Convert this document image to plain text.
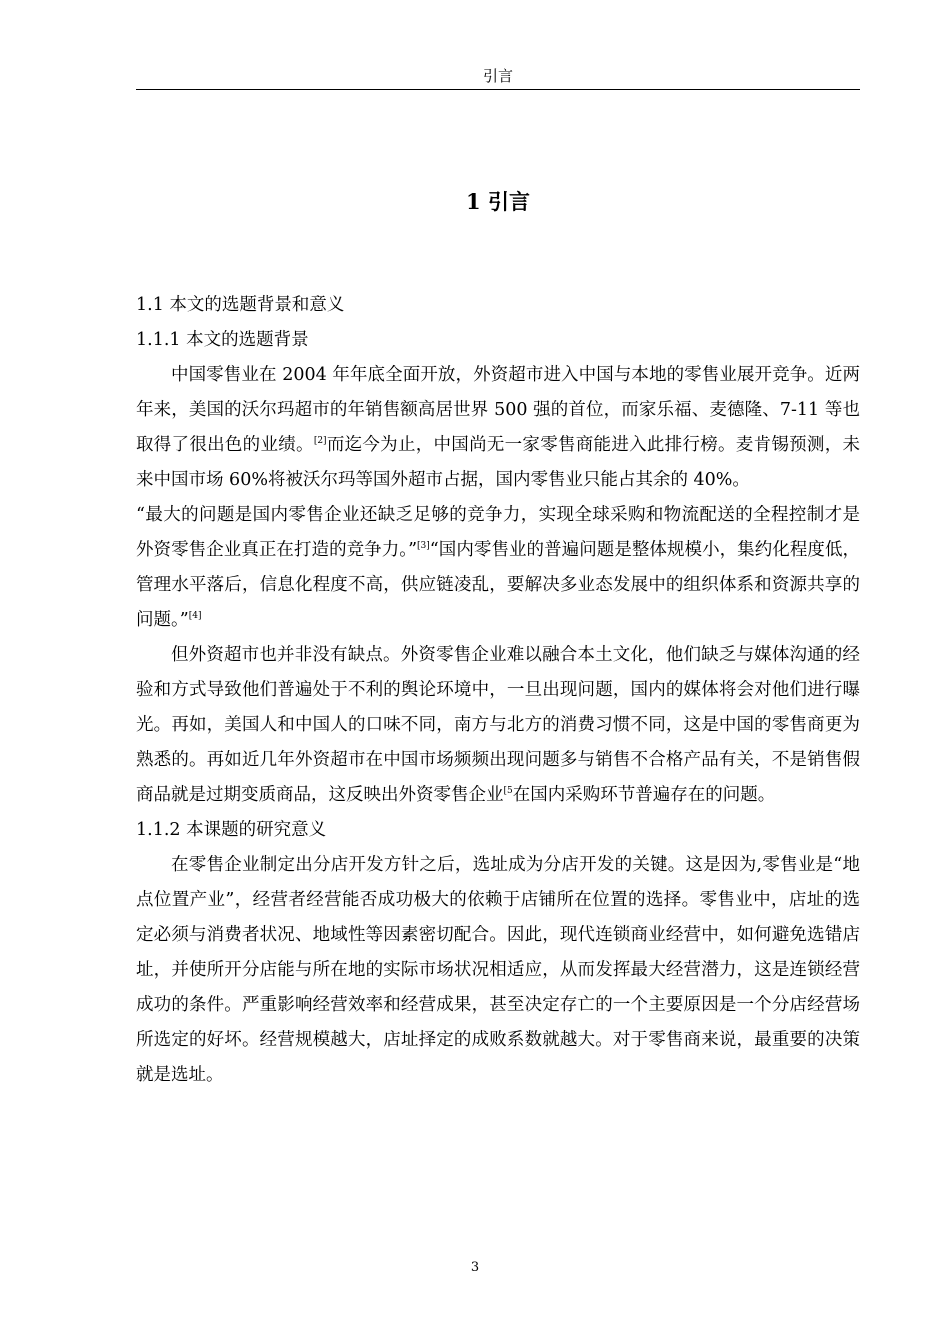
引言
1 引言

1.1 本文的选题背景和意义

1.1.1 本文的选题背景

中国零售业在 2004 年年底全面开放，外资超市进入中国与本地的零售业展开竞争。近两年来，美国的沃尔玛超市的年销售额高居世界 500 强的首位，而家乐福、麦德隆、7-11 等也取得了很出色的业绩。[2]而迄今为止，中国尚无一家零售商能进入此排行榜。麦肯锡预测，未来中国市场 60%将被沃尔玛等国外超市占据，国内零售业只能占其余的 40%。

“最大的问题是国内零售企业还缺乏足够的竞争力，实现全球采购和物流配送的全程控制才是外资零售企业真正在打造的竞争力。”[3]“国内零售业的普遍问题是整体规模小，集约化程度低，管理水平落后，信息化程度不高，供应链凌乱，要解决多业态发展中的组织体系和资源共享的问题。”[4]

但外资超市也并非没有缺点。外资零售企业难以融合本土文化，他们缺乏与媒体沟通的经验和方式导致他们普遍处于不利的舆论环境中，一旦出现问题，国内的媒体将会对他们进行曝光。再如，美国人和中国人的口味不同，南方与北方的消费习惯不同，这是中国的零售商更为熟悉的。再如近几年外资超市在中国市场频频出现问题多与销售不合格产品有关，不是销售假商品就是过期变质商品，这反映出外资零售企业$^{[5}$在国内采购环节普遍存在的问题。

1.1.2 本课题的研究意义

在零售企业制定出分店开发方针之后，选址成为分店开发的关键。这是因为,零售业是“地点位置产业”，经营者经营能否成功极大的依赖于店铺所在位置的选择。零售业中，店址的选定必须与消费者状况、地域性等因素密切配合。因此，现代连锁商业经营中，如何避免选错店址，并使所开分店能与所在地的实际市场状况相适应，从而发挥最大经营潜力，这是连锁经营成功的条件。严重影响经营效率和经营成果，甚至决定存亡的一个主要原因是一个分店经营场所选定的好坏。经营规模越大，店址择定的成败系数就越大。对于零售商来说，最重要的决策就是选址。

3
